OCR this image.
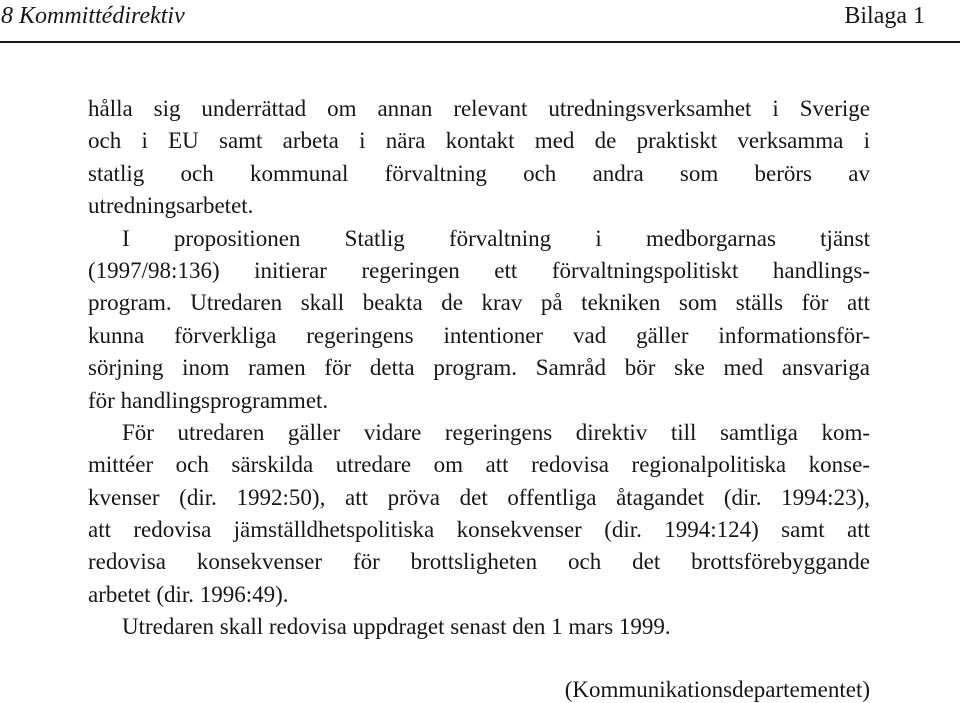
8 Kommittédirektiv	Bilaga 1
hålla sig underrättad om annan relevant utredningsverksamhet i Sverige
och i EU samt arbeta i nära kontakt med de praktiskt verksamma i
statlig och kommunal förvaltning och andra som berörs av
utredningsarbetet.
I propositionen Statlig förvaltning i medborgarnas tjänst
(1997/98:136) initierar regeringen ett förvaltningspolitiskt handlings-
program. Utredaren skall beakta de krav på tekniken som ställs för att
kunna förverkliga regeringens intentioner vad gäller informationsför-
sörjning inom ramen för detta program. Samråd bör ske med ansvariga
för handlingsprogrammet.
För utredaren gäller vidare regeringens direktiv till samtliga kom-
mittéer och särskilda utredare om att redovisa regionalpolitiska konse-
kvenser (dir. 1992:50), att pröva det offentliga åtagandet (dir. 1994:23),
att redovisa jämställdhetspolitiska konsekvenser (dir. 1994:124) samt att
redovisa konsekvenser för brottsligheten och det brottsförebyggande
arbetet (dir. 1996:49).
Utredaren skall redovisa uppdraget senast den 1 mars 1999.
(Kommunikationsdepartementet)
